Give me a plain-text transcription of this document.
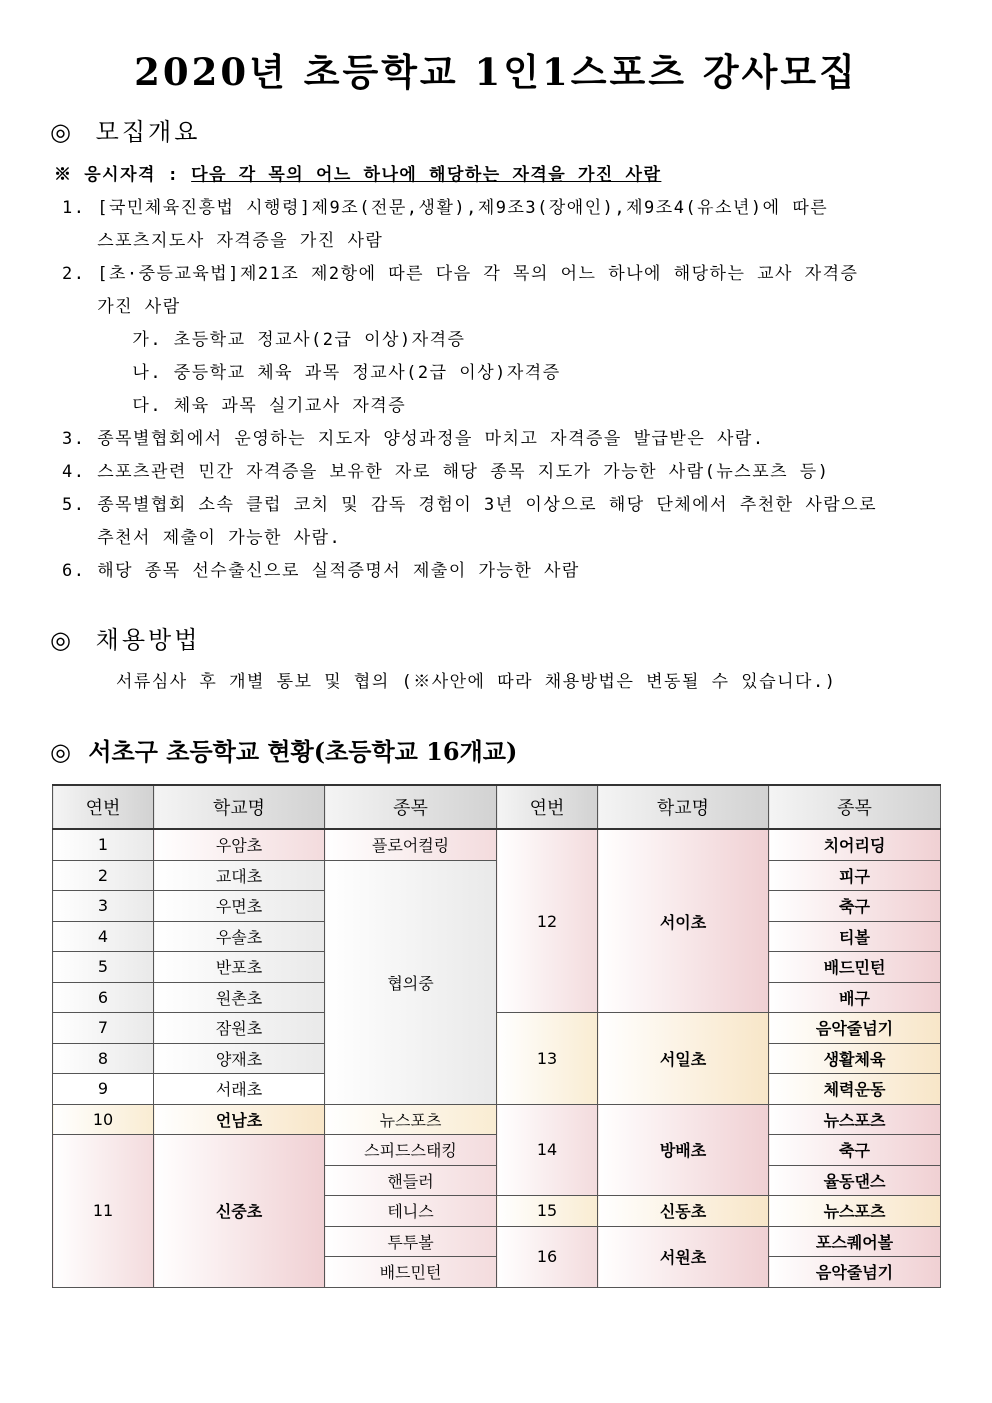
2020년 초등학교 1인1스포츠 강사모집
◎ 모집개요
※ 응시자격 : 다음 각 목의 어느 하나에 해당하는 자격을 가진 사람
1. [국민체육진흥법 시행령]제9조(전문,생활),제9조3(장애인),제9조4(유소년)에 따른
스포츠지도사 자격증을 가진 사람
2. [초·중등교육법]제21조 제2항에 따른 다음 각 목의 어느 하나에 해당하는 교사 자격증
가진 사람
가. 초등학교 정교사(2급 이상)자격증
나. 중등학교 체육 과목 정교사(2급 이상)자격증
다. 체육 과목 실기교사 자격증
3. 종목별협회에서 운영하는 지도자 양성과정을 마치고 자격증을 발급받은 사람.
4. 스포츠관련 민간 자격증을 보유한 자로 해당 종목 지도가 가능한 사람(뉴스포츠 등)
5. 종목별협회 소속 클럽 코치 및 감독 경험이 3년 이상으로 해당 단체에서 추천한 사람으로
추천서 제출이 가능한 사람.
6. 해당 종목 선수출신으로 실적증명서 제출이 가능한 사람
◎ 채용방법
서류심사 후 개별 통보 및 협의 (※사안에 따라 채용방법은 변동될 수 있습니다.)
◎ 서초구 초등학교 현황(초등학교 16개교)
연번	학교명	종목	연번	학교명	종목
1	우암초	플로어컬링	12	서이초	치어리딩
2	교대초	협의중			피구
3	우면초				축구
4	우솔초				티볼
5	반포초				배드민턴
6	원촌초				배구
7	잠원초		13	서일초	음악줄넘기
8	양재초				생활체육
9	서래초				체력운동
10	언남초	뉴스포츠	14	방배초	뉴스포츠
11	신중초	스피드스태킹			축구
		핸들러			율동댄스
		테니스	15	신동초	뉴스포츠
		투투볼	16	서원초	포스퀘어볼
		배드민턴			음악줄넘기
